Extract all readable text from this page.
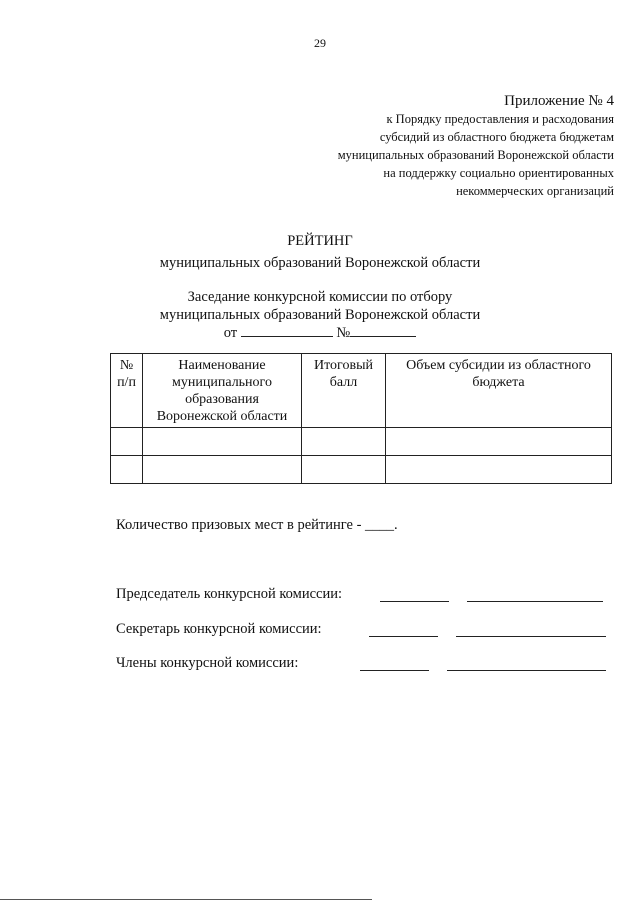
29
Приложение № 4
к Порядку предоставления и расходования
субсидий из областного бюджета бюджетам
муниципальных образований Воронежской области
на поддержку социально ориентированных
некоммерческих организаций
РЕЙТИНГ
муниципальных образований Воронежской области
Заседание конкурсной комиссии по отбору
муниципальных образований Воронежской области
от	№
№ п/п	Наименование муниципального образования Воронежской области	Итоговый балл	Объем субсидии из областного бюджета

Количество призовых мест в рейтинге - ____.
Председатель конкурсной комиссии:
Секретарь конкурсной комиссии:
Члены конкурсной комиссии:
